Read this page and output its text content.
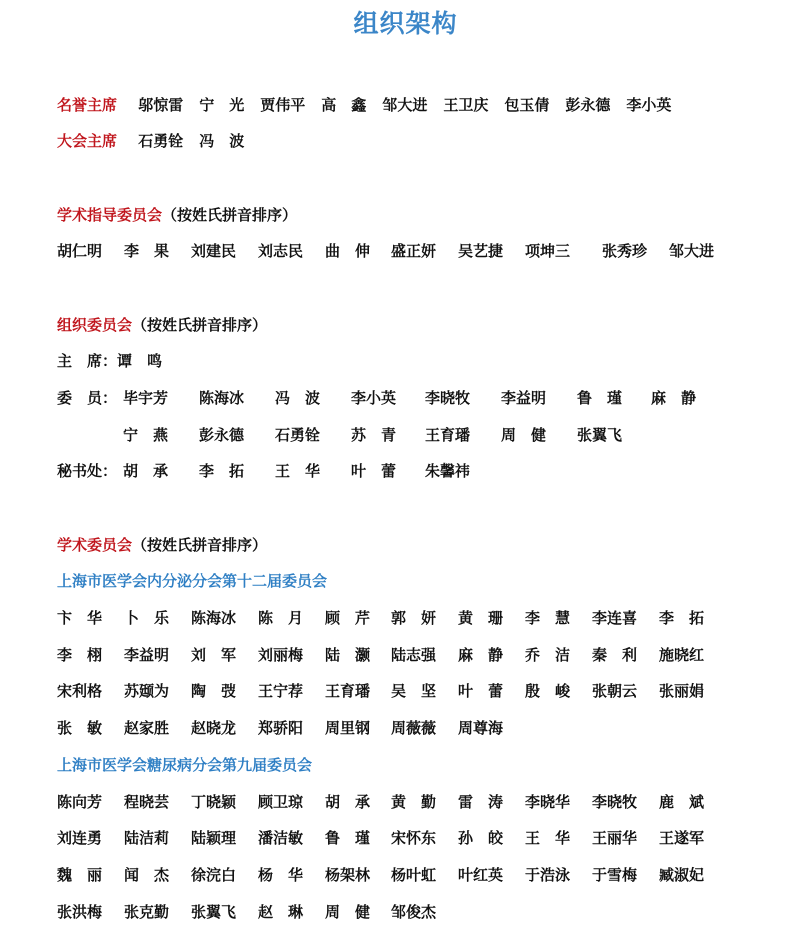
组织架构
名誉主席 邬惊雷 宁　光 贾伟平 高　鑫 邹大进 王卫庆 包玉倩 彭永德 李小英
大会主席 石勇铨 冯　波
学术指导委员会（按姓氏拼音排序）
胡仁明 李　果 刘建民 刘志民 曲　伸 盛正妍 吴艺捷 项坤三 张秀珍 邹大进
组织委员会（按姓氏拼音排序）
主　席：谭　鸣
委　员： 毕宇芳 陈海冰 冯　波 李小英 李晓牧 李益明 鲁　瑾 麻　静
宁　燕 彭永德 石勇铨 苏　青 王育璠 周　健 张翼飞
秘书处： 胡　承 李　拓 王　华 叶　蕾 朱馨祎
学术委员会（按姓氏拼音排序）
上海市医学会内分泌分会第十二届委员会
卞　华 卜　乐 陈海冰 陈　月 顾　芹 郭　妍 黄　珊 李　慧 李连喜 李　拓
李　栩 李益明 刘　军 刘丽梅 陆　灏 陆志强 麻　静 乔　洁 秦　利 施晓红
宋利格 苏颋为 陶　弢 王宁荐 王育璠 吴　坚 叶　蕾 殷　峻 张朝云 张丽娟
张　敏 赵家胜 赵晓龙 郑骄阳 周里钢 周薇薇 周尊海
上海市医学会糖尿病分会第九届委员会
陈向芳 程晓芸 丁晓颖 顾卫琼 胡　承 黄　勤 雷　涛 李晓华 李晓牧 鹿　斌
刘连勇 陆洁莉 陆颖理 潘洁敏 鲁　瑾 宋怀东 孙　皎 王　华 王丽华 王遂军
魏　丽 闻　杰 徐浣白 杨　华 杨架林 杨叶虹 叶红英 于浩泳 于雪梅 臧淑妃
张洪梅 张克勤 张翼飞 赵　琳 周　健 邹俊杰
